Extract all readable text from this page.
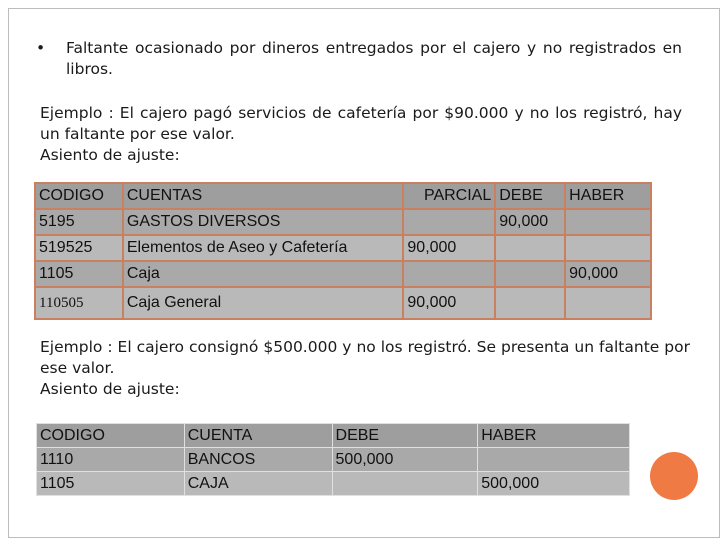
•	Faltante ocasionado por dineros entregados por el cajero y no registrados en libros.
Ejemplo : El cajero pagó servicios de cafetería por $90.000 y no los registró, hay un faltante por ese valor.
Asiento de ajuste:
CODIGO	CUENTAS	PARCIAL	DEBE	HABER
5195	GASTOS DIVERSOS		90,000	
519525	Elementos de Aseo y Cafetería	90,000		
1105	Caja			90,000
110505	Caja General	90,000		
Ejemplo : El cajero consignó $500.000 y no los registró. Se presenta un faltante por ese valor.
Asiento de ajuste:
CODIGO	CUENTA	DEBE	HABER
1110	BANCOS	500,000	
1105	CAJA		500,000
